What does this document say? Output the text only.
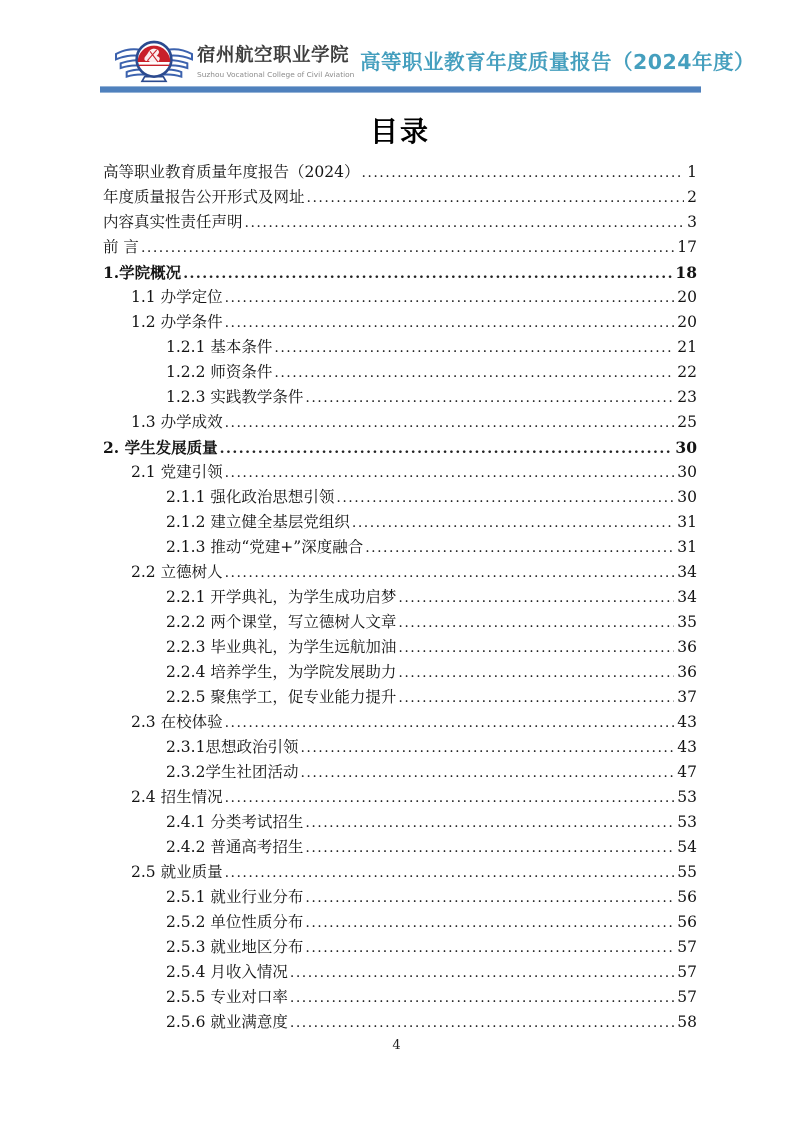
宿州航空职业学院
Suzhou Vocational College of Civil Aviation
高等职业教育年度质量报告（2024年度）
目录
高等职业教育质量年度报告（2024） .....	1
年度质量报告公开形式及网址 .....	2
内容真实性责任声明 .....	3
前 言 .....	17
1.学院概况 .....	18
1.1 办学定位 .....	20
1.2 办学条件 .....	20
1.2.1 基本条件 .....	21
1.2.2 师资条件 .....	22
1.2.3 实践教学条件 .....	23
1.3 办学成效 .....	25
2. 学生发展质量 .....	30
2.1 党建引领 .....	30
2.1.1 强化政治思想引领 .....	30
2.1.2 建立健全基层党组织 .....	31
2.1.3 推动“党建+”深度融合 .....	31
2.2 立德树人 .....	34
2.2.1 开学典礼，为学生成功启梦 .....	34
2.2.2 两个课堂，写立德树人文章 .....	35
2.2.3 毕业典礼，为学生远航加油 .....	36
2.2.4 培养学生，为学院发展助力 .....	36
2.2.5 聚焦学工，促专业能力提升 .....	37
2.3 在校体验 .....	43
2.3.1思想政治引领 .....	43
2.3.2学生社团活动 .....	47
2.4 招生情况 .....	53
2.4.1 分类考试招生 .....	53
2.4.2 普通高考招生 .....	54
2.5 就业质量 .....	55
2.5.1 就业行业分布 .....	56
2.5.2 单位性质分布 .....	56
2.5.3 就业地区分布 .....	57
2.5.4 月收入情况 .....	57
2.5.5 专业对口率 .....	57
2.5.6 就业满意度 .....	58
4
